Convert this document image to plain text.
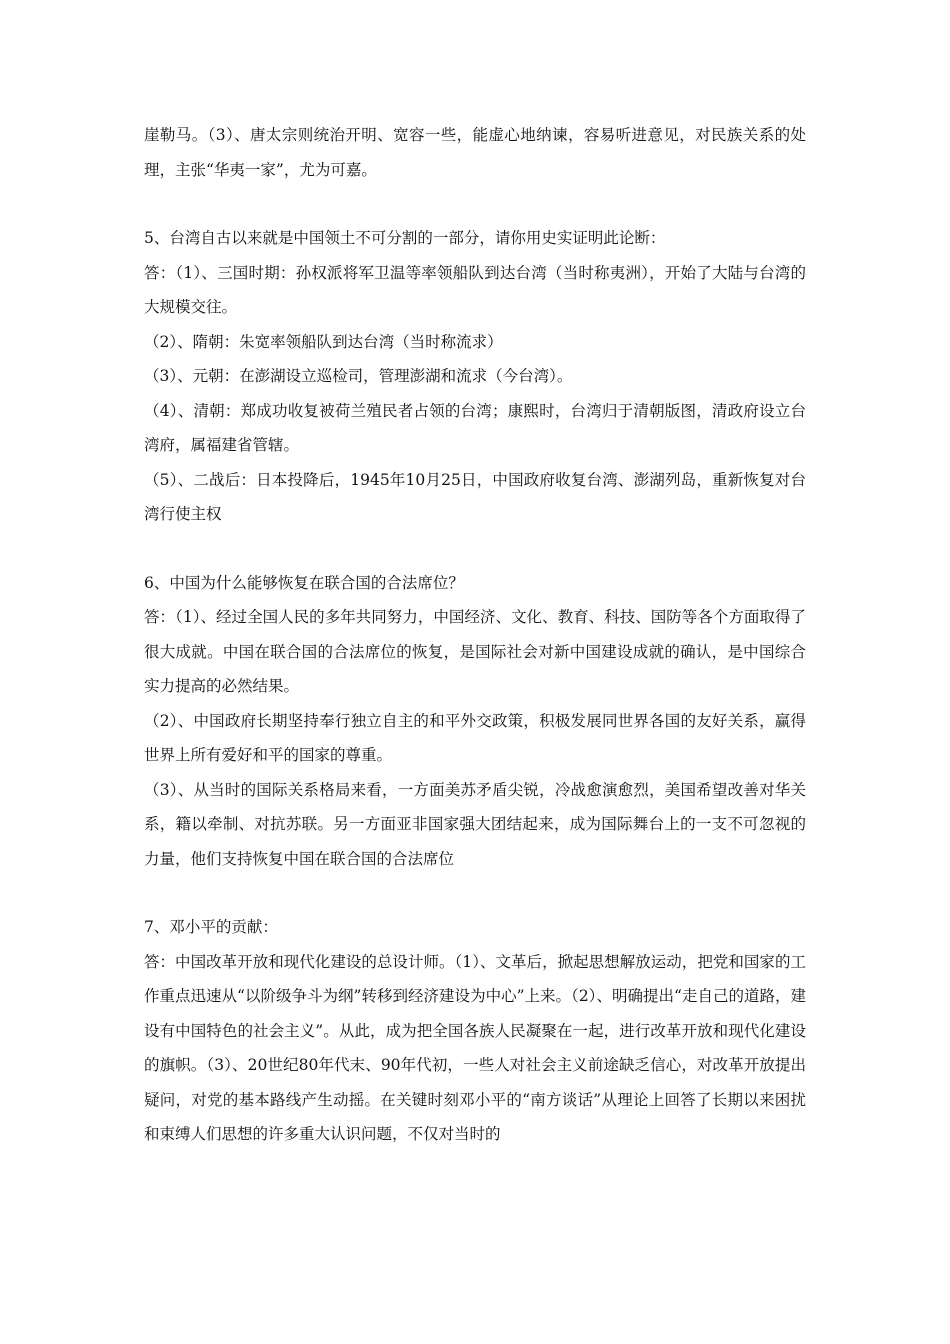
崖勒马。（3）、唐太宗则统治开明、宽容一些，能虚心地纳谏，容易听进意见，对民族关系的处理，主张“华夷一家”，尤为可嘉。

5、台湾自古以来就是中国领土不可分割的一部分，请你用史实证明此论断：

答：（1）、三国时期：孙权派将军卫温等率领船队到达台湾（当时称夷洲），开始了大陆与台湾的大规模交往。

（2）、隋朝：朱宽率领船队到达台湾（当时称流求）

（3）、元朝：在澎湖设立巡检司，管理澎湖和流求（今台湾）。

（4）、清朝：郑成功收复被荷兰殖民者占领的台湾；康熙时，台湾归于清朝版图，清政府设立台湾府，属福建省管辖。

（5）、二战后：日本投降后，1945年10月25日，中国政府收复台湾、澎湖列岛，重新恢复对台湾行使主权

6、中国为什么能够恢复在联合国的合法席位？

答：（1）、经过全国人民的多年共同努力，中国经济、文化、教育、科技、国防等各个方面取得了很大成就。中国在联合国的合法席位的恢复，是国际社会对新中国建设成就的确认，是中国综合实力提高的必然结果。

（2）、中国政府长期坚持奉行独立自主的和平外交政策，积极发展同世界各国的友好关系，赢得世界上所有爱好和平的国家的尊重。

（3）、从当时的国际关系格局来看，一方面美苏矛盾尖锐，冷战愈演愈烈，美国希望改善对华关系，籍以牵制、对抗苏联。另一方面亚非国家强大团结起来，成为国际舞台上的一支不可忽视的力量，他们支持恢复中国在联合国的合法席位

7、邓小平的贡献：

答：中国改革开放和现代化建设的总设计师。（1）、文革后，掀起思想解放运动，把党和国家的工作重点迅速从“以阶级争斗为纲”转移到经济建设为中心”上来。（2）、明确提出“走自己的道路，建设有中国特色的社会主义”。从此，成为把全国各族人民凝聚在一起，进行改革开放和现代化建设的旗帜。（3）、20世纪80年代末、90年代初，一些人对社会主义前途缺乏信心，对改革开放提出疑问，对党的基本路线产生动摇。在关键时刻邓小平的“南方谈话”从理论上回答了长期以来困扰和束缚人们思想的许多重大认识问题，不仅对当时的
